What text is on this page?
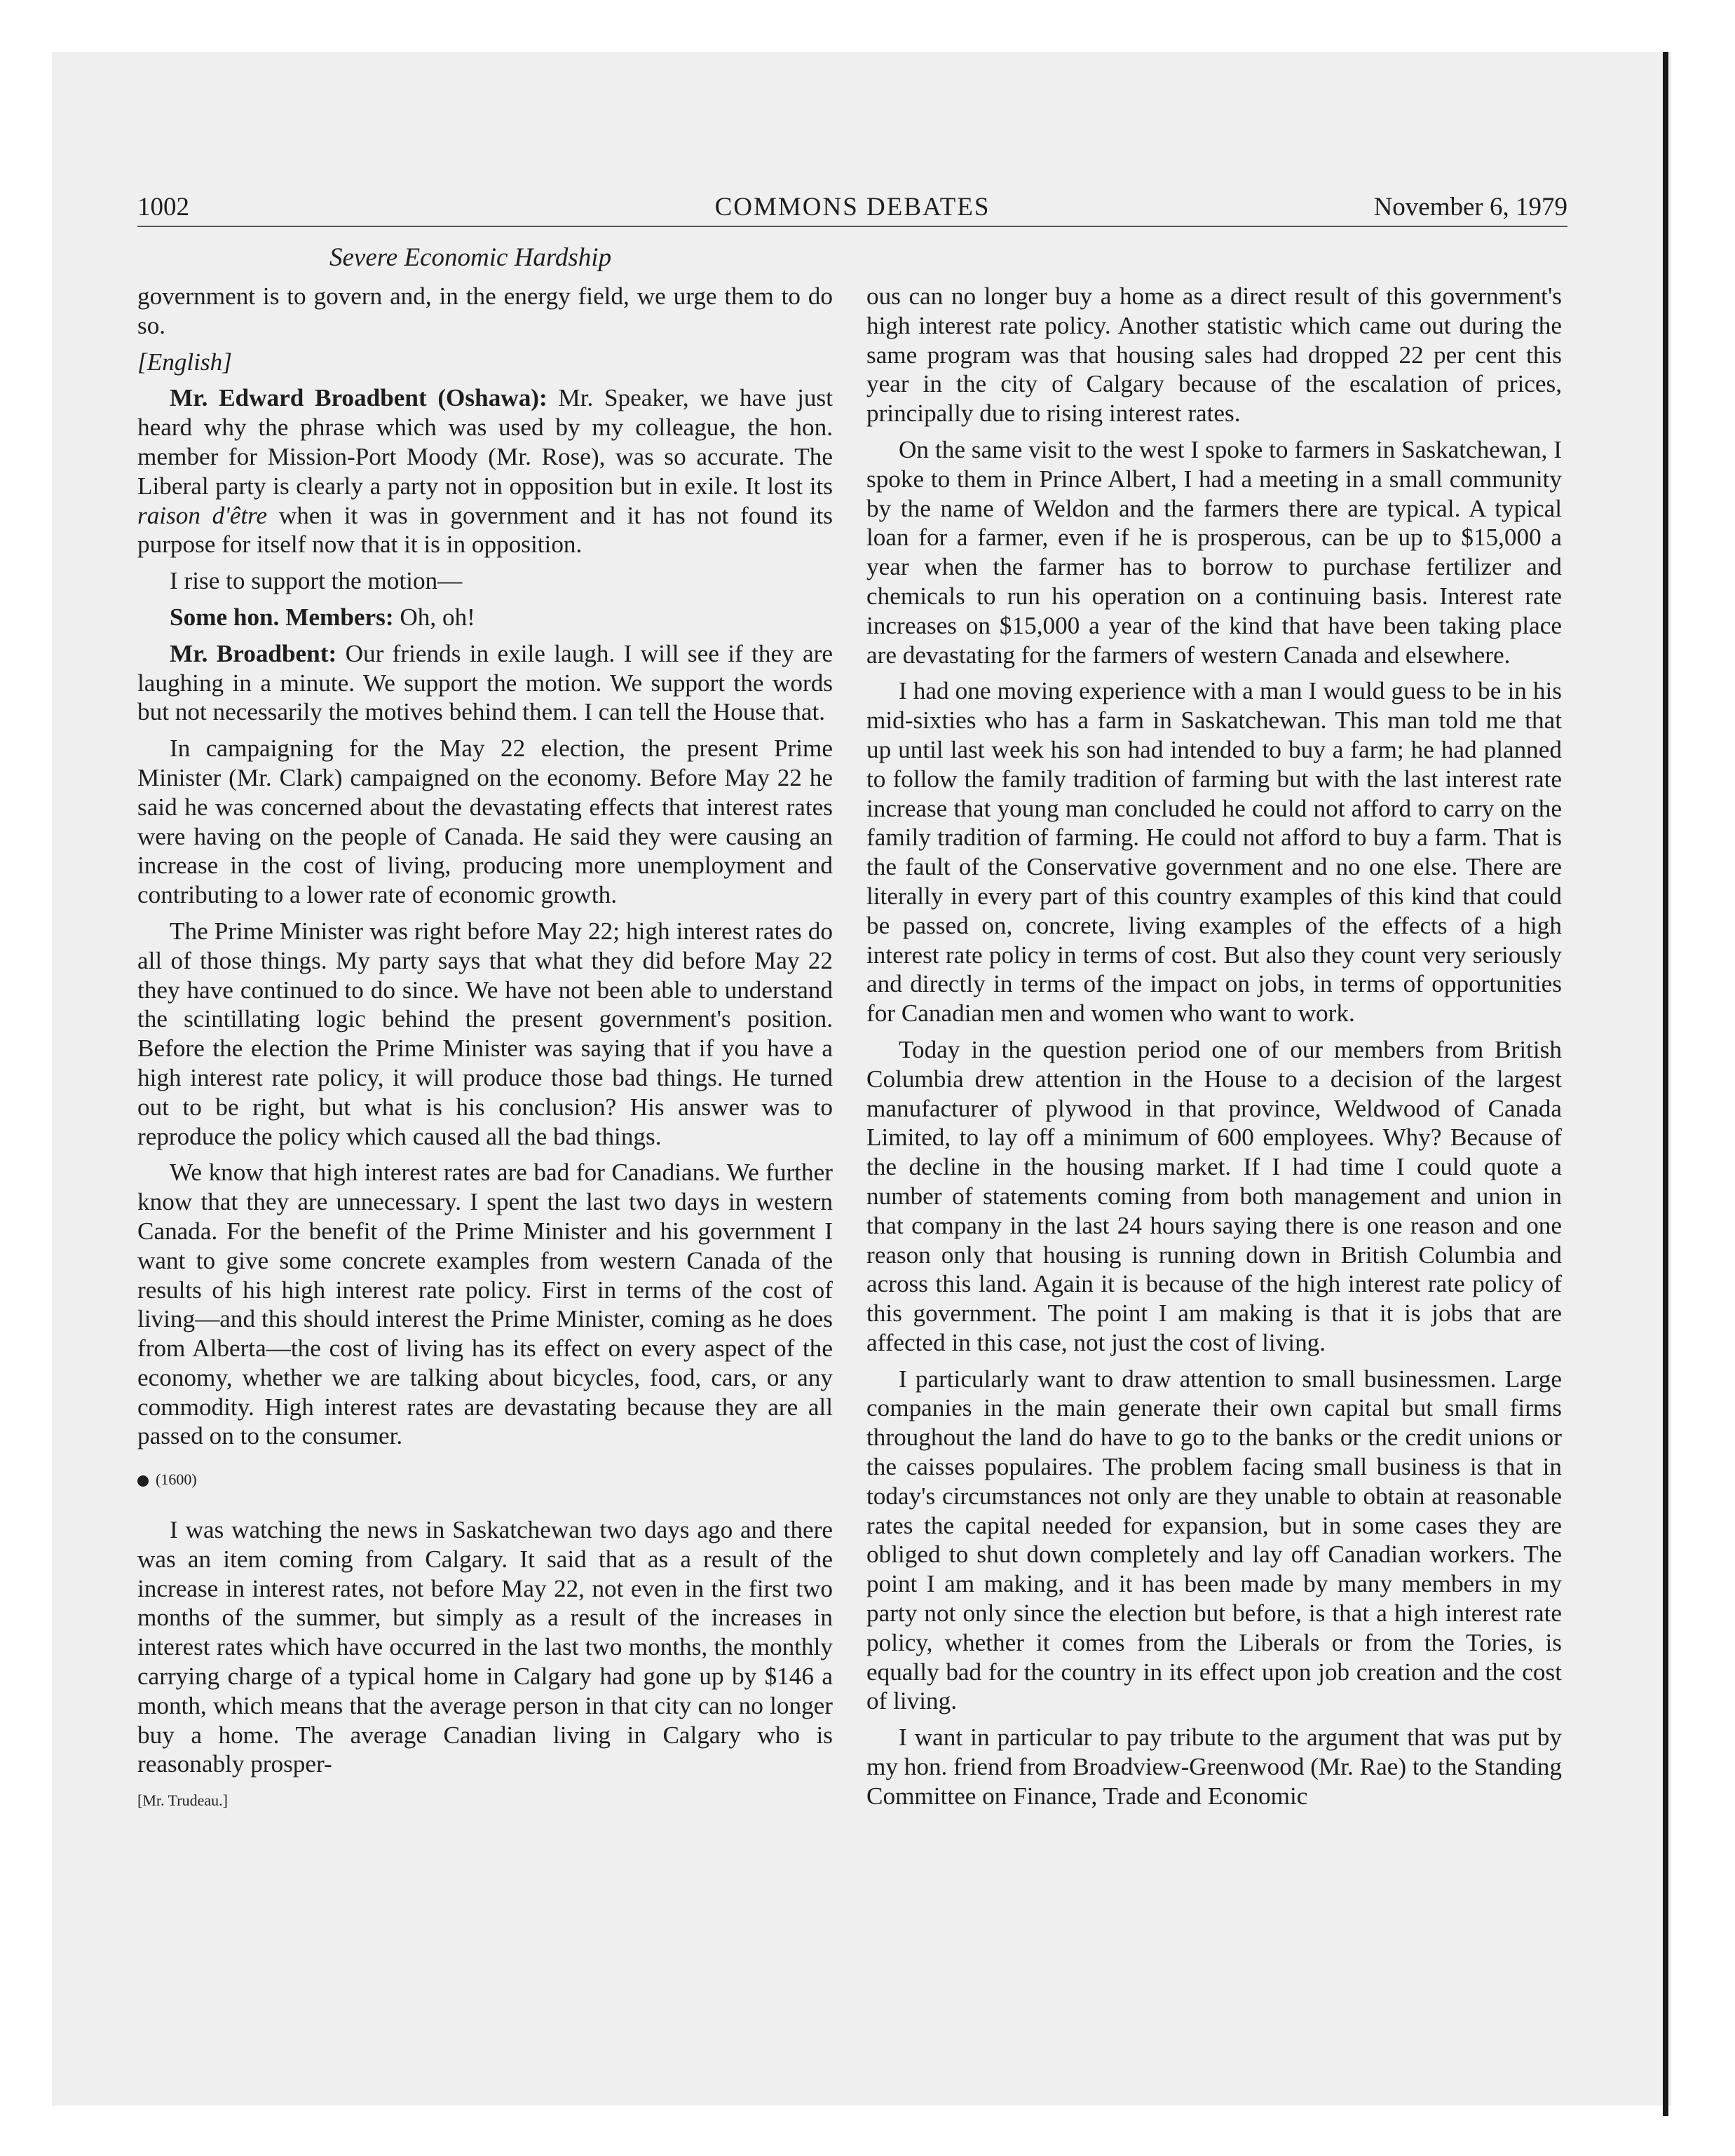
1002	COMMONS DEBATES	November 6, 1979
Severe Economic Hardship

government is to govern and, in the energy field, we urge them to do so.

[English]

Mr. Edward Broadbent (Oshawa): Mr. Speaker, we have just heard why the phrase which was used by my colleague, the hon. member for Mission-Port Moody (Mr. Rose), was so accurate. The Liberal party is clearly a party not in opposition but in exile. It lost its raison d'être when it was in government and it has not found its purpose for itself now that it is in opposition.

I rise to support the motion—

Some hon. Members: Oh, oh!

Mr. Broadbent: Our friends in exile laugh. I will see if they are laughing in a minute. We support the motion. We support the words but not necessarily the motives behind them. I can tell the House that.

In campaigning for the May 22 election, the present Prime Minister (Mr. Clark) campaigned on the economy. Before May 22 he said he was concerned about the devastating effects that interest rates were having on the people of Canada. He said they were causing an increase in the cost of living, producing more unemployment and contributing to a lower rate of economic growth.

The Prime Minister was right before May 22; high interest rates do all of those things. My party says that what they did before May 22 they have continued to do since. We have not been able to understand the scintillating logic behind the present government's position. Before the election the Prime Minister was saying that if you have a high interest rate policy, it will produce those bad things. He turned out to be right, but what is his conclusion? His answer was to reproduce the policy which caused all the bad things.

We know that high interest rates are bad for Canadians. We further know that they are unnecessary. I spent the last two days in western Canada. For the benefit of the Prime Minister and his government I want to give some concrete examples from western Canada of the results of his high interest rate policy. First in terms of the cost of living—and this should interest the Prime Minister, coming as he does from Alberta—the cost of living has its effect on every aspect of the economy, whether we are talking about bicycles, food, cars, or any commodity. High interest rates are devastating because they are all passed on to the consumer.

(1600)

I was watching the news in Saskatchewan two days ago and there was an item coming from Calgary. It said that as a result of the increase in interest rates, not before May 22, not even in the first two months of the summer, but simply as a result of the increases in interest rates which have occurred in the last two months, the monthly carrying charge of a typical home in Calgary had gone up by $146 a month, which means that the average person in that city can no longer buy a home. The average Canadian living in Calgary who is reasonably prosper-

[Mr. Trudeau.]

ous can no longer buy a home as a direct result of this government's high interest rate policy. Another statistic which came out during the same program was that housing sales had dropped 22 per cent this year in the city of Calgary because of the escalation of prices, principally due to rising interest rates.

On the same visit to the west I spoke to farmers in Saskatchewan, I spoke to them in Prince Albert, I had a meeting in a small community by the name of Weldon and the farmers there are typical. A typical loan for a farmer, even if he is prosperous, can be up to $15,000 a year when the farmer has to borrow to purchase fertilizer and chemicals to run his operation on a continuing basis. Interest rate increases on $15,000 a year of the kind that have been taking place are devastating for the farmers of western Canada and elsewhere.

I had one moving experience with a man I would guess to be in his mid-sixties who has a farm in Saskatchewan. This man told me that up until last week his son had intended to buy a farm; he had planned to follow the family tradition of farming but with the last interest rate increase that young man concluded he could not afford to carry on the family tradition of farming. He could not afford to buy a farm. That is the fault of the Conservative government and no one else. There are literally in every part of this country examples of this kind that could be passed on, concrete, living examples of the effects of a high interest rate policy in terms of cost. But also they count very seriously and directly in terms of the impact on jobs, in terms of opportunities for Canadian men and women who want to work.

Today in the question period one of our members from British Columbia drew attention in the House to a decision of the largest manufacturer of plywood in that province, Weldwood of Canada Limited, to lay off a minimum of 600 employees. Why? Because of the decline in the housing market. If I had time I could quote a number of statements coming from both management and union in that company in the last 24 hours saying there is one reason and one reason only that housing is running down in British Columbia and across this land. Again it is because of the high interest rate policy of this government. The point I am making is that it is jobs that are affected in this case, not just the cost of living.

I particularly want to draw attention to small businessmen. Large companies in the main generate their own capital but small firms throughout the land do have to go to the banks or the credit unions or the caisses populaires. The problem facing small business is that in today's circumstances not only are they unable to obtain at reasonable rates the capital needed for expansion, but in some cases they are obliged to shut down completely and lay off Canadian workers. The point I am making, and it has been made by many members in my party not only since the election but before, is that a high interest rate policy, whether it comes from the Liberals or from the Tories, is equally bad for the country in its effect upon job creation and the cost of living.

I want in particular to pay tribute to the argument that was put by my hon. friend from Broadview-Greenwood (Mr. Rae) to the Standing Committee on Finance, Trade and Economic
